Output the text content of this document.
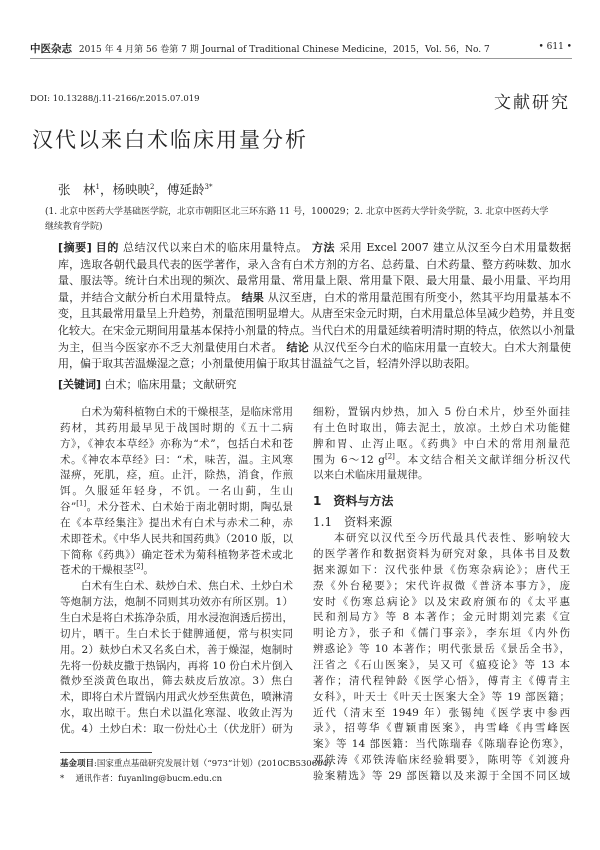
中医杂志 2015 年 4 月第 56 卷第 7 期 Journal of Traditional Chinese Medicine，2015，Vol. 56，No. 7	• 611 •
DOI: 10.13288/j.11-2166/r.2015.07.019	文献研究
汉代以来白术临床用量分析
张　林$^1$，杨映映$^2$，傅延龄$^{3*}$
(1. 北京中医药大学基础医学院，北京市朝阳区北三环东路 11 号，100029；2. 北京中医药大学针灸学院，3. 北京中医药大学
继续教育学院)
[摘要] 目的 总结汉代以来白术的临床用量特点。 方法 采用 Excel 2007 建立从汉至今白术用量数据
库，选取各朝代最具代表的医学著作，录入含有白术方剂的方名、总药量、白术药量、整方药味数、加水
量、服法等。统计白术出现的频次、最常用量、常用量上限、常用量下限、最大用量、最小用量、平均用
量，并结合文献分析白术用量特点。 结果 从汉至唐，白术的常用量范围有所变小，然其平均用量基本不
变，且其最常用量呈上升趋势，剂量范围明显增大。从唐至宋金元时期，白术用量总体呈减少趋势，并且变
化较大。在宋金元期间用量基本保持小剂量的特点。当代白术的用量延续着明清时期的特点，依然以小剂量
为主，但当今医家亦不乏大剂量使用白术者。 结论 从汉代至今白术的临床用量一直较大。白术大剂量使
用，偏于取其苦温燥湿之意；小剂量使用偏于取其甘温益气之旨，轻清外浮以助表阳。
[关键词] 白术；临床用量；文献研究
白术为菊科植物白术的干燥根茎，是临床常用
药材，其药用最早见于战国时期的《五十二病
方》，《神农本草经》亦称为“术”，包括白术和苍
术。《神农本草经》曰：“术，味苦，温。主风寒
湿痹，死肌，痉，疸。止汗，除热，消食，作煎
饵。久服延年轻身，不饥。一名山蓟，生山
谷”[1]。术分苍术、白术始于南北朝时期，陶弘景
在《本草经集注》提出术有白术与赤术二种，赤
术即苍术。《中华人民共和国药典》（2010 版，以
下简称《药典》）确定苍术为菊科植物茅苍术或北
苍术的干燥根茎[2]。
白术有生白术、麸炒白术、焦白术、土炒白术
等炮制方法，炮制不同则其功效亦有所区别。1）
生白术是将白术拣净杂质，用水浸泡润透后捞出，
切片，晒干。生白术长于健脾通便，常与枳实同
用。2）麸炒白术又名炙白术，善于燥湿，炮制时
先将一份麸皮撒于热锅内，再将 10 份白术片倒入
微炒至淡黄色取出，筛去麸皮后放凉。3）焦白
术，即将白术片置锅内用武火炒至焦黄色，喷淋清
水，取出晾干。焦白术以温化寒湿、收敛止泻为
优。4）土炒白术：取一份灶心土（伏龙肝）研为
细粉，置锅内炒热，加入 5 份白术片，炒至外面挂
有土色时取出，筛去泥土，放凉。土炒白术功能健
脾和胃、止泻止呕。《药典》中白术的常用剂量范
围为 6～12 g[2]。本文结合相关文献详细分析汉代
以来白术临床用量规律。
1　资料与方法
1.1　资料来源
本研究以汉代至今历代最具代表性、影响较大
的医学著作和数据资料为研究对象，具体书目及数
据来源如下：汉代张仲景《伤寒杂病论》；唐代王
焘《外台秘要》；宋代许叔微《普济本事方》，庞
安时《伤寒总病论》以及宋政府颁布的《太平惠
民和剂局方》等 8 本著作；金元时期刘完素《宣
明论方》，张子和《儒门事亲》，李东垣《内外伤
辨惑论》等 10 本著作；明代张景岳《景岳全书》，
汪省之《石山医案》，吴又可《瘟疫论》等 13 本
著作；清代程钟龄《医学心悟》，傅青主《傅青主
女科》，叶天士《叶天士医案大全》等 19 部医籍；
近代（清末至 1949 年）张锡纯《医学衷中参西
录》，招萼华《曹颖甫医案》，冉雪峰《冉雪峰医
案》等 14 部医籍：当代陈瑞春《陈瑞春论伤寒》，
邓铁涛《邓铁涛临床经验辑要》，陈明等《刘渡舟
验案精选》等 29 部医籍以及来源于全国不同区域
基金项目:国家重点基础研究发展计划（“973”计划）(2010CB530604)
*　 通讯作者：fuyanling@bucm.edu.cn
